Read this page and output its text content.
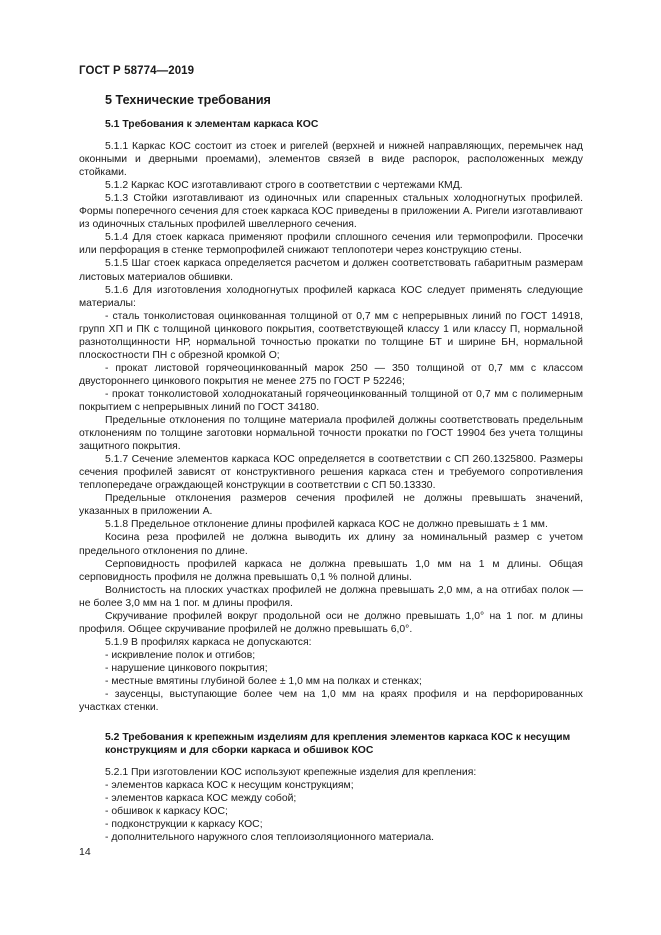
ГОСТ Р 58774—2019
5 Технические требования
5.1 Требования к элементам каркаса КОС

5.1.1 Каркас КОС состоит из стоек и ригелей (верхней и нижней направляющих, перемычек над оконными и дверными проемами), элементов связей в виде распорок, расположенных между стойками.

5.1.2 Каркас КОС изготавливают строго в соответствии с чертежами КМД.

5.1.3 Стойки изготавливают из одиночных или спаренных стальных холодногнутых профилей. Формы поперечного сечения для стоек каркаса КОС приведены в приложении А. Ригели изготавливают из одиночных стальных профилей швеллерного сечения.

5.1.4 Для стоек каркаса применяют профили сплошного сечения или термопрофили. Просечки или перфорация в стенке термопрофилей снижают теплопотери через конструкцию стены.

5.1.5 Шаг стоек каркаса определяется расчетом и должен соответствовать габаритным размерам листовых материалов обшивки.

5.1.6 Для изготовления холодногнутых профилей каркаса КОС следует применять следующие материалы:

- сталь тонколистовая оцинкованная толщиной от 0,7 мм с непрерывных линий по ГОСТ 14918, групп ХП и ПК с толщиной цинкового покрытия, соответствующей классу 1 или классу П, нормальной разнотолщинности НР, нормальной точностью прокатки по толщине БТ и ширине БН, нормальной плоскостности ПН с обрезной кромкой О;

- прокат листовой горячеоцинкованный марок 250 — 350 толщиной от 0,7 мм с классом двустороннего цинкового покрытия не менее 275 по ГОСТ Р 52246;

- прокат тонколистовой холоднокатаный горячеоцинкованный толщиной от 0,7 мм с полимерным покрытием с непрерывных линий по ГОСТ 34180.

Предельные отклонения по толщине материала профилей должны соответствовать предельным отклонениям по толщине заготовки нормальной точности прокатки по ГОСТ 19904 без учета толщины защитного покрытия.

5.1.7 Сечение элементов каркаса КОС определяется в соответствии с СП 260.1325800. Размеры сечения профилей зависят от конструктивного решения каркаса стен и требуемого сопротивления теплопередаче ограждающей конструкции в соответствии с СП 50.13330.

Предельные отклонения размеров сечения профилей не должны превышать значений, указанных в приложении А.

5.1.8 Предельное отклонение длины профилей каркаса КОС не должно превышать ± 1 мм.

Косина реза профилей не должна выводить их длину за номинальный размер с учетом предельного отклонения по длине.

Серповидность профилей каркаса не должна превышать 1,0 мм на 1 м длины. Общая серповидность профиля не должна превышать 0,1 % полной длины.

Волнистость на плоских участках профилей не должна превышать 2,0 мм, а на отгибах полок — не более 3,0 мм на 1 пог. м длины профиля.

Скручивание профилей вокруг продольной оси не должно превышать 1,0° на 1 пог. м длины профиля. Общее скручивание профилей не должно превышать 6,0°.

5.1.9 В профилях каркаса не допускаются:

- искривление полок и отгибов;

- нарушение цинкового покрытия;

- местные вмятины глубиной более ± 1,0 мм на полках и стенках;

- заусенцы, выступающие более чем на 1,0 мм на краях профиля и на перфорированных участках стенки.

5.2 Требования к крепежным изделиям для крепления элементов каркаса КОС к несущим конструкциям и для сборки каркаса и обшивок КОС

5.2.1 При изготовлении КОС используют крепежные изделия для крепления:

- элементов каркаса КОС к несущим конструкциям;

- элементов каркаса КОС между собой;

- обшивок к каркасу КОС;

- подконструкции к каркасу КОС;

- дополнительного наружного слоя теплоизоляционного материала.

14
